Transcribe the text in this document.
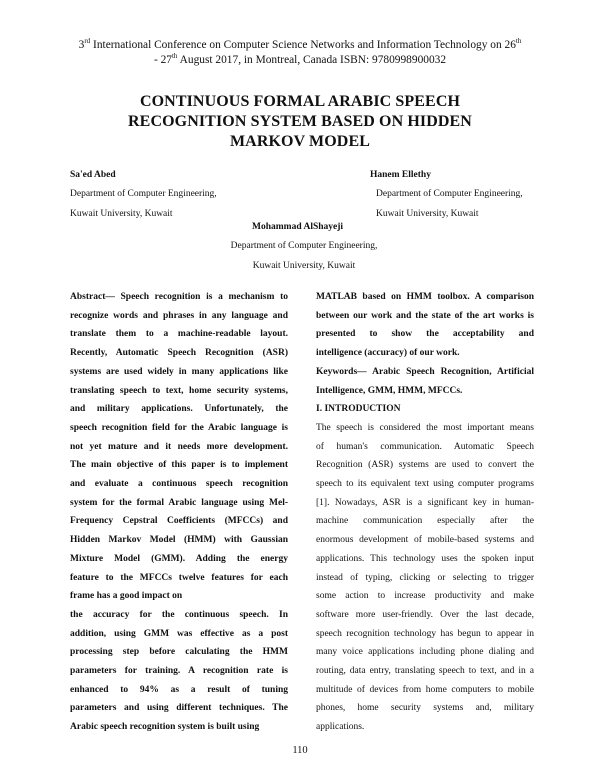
3rd International Conference on Computer Science Networks and Information Technology on 26th
- 27th August 2017, in Montreal, Canada ISBN: 9780998900032
CONTINUOUS FORMAL ARABIC SPEECH
RECOGNITION SYSTEM BASED ON HIDDEN
MARKOV MODEL
Sa'ed Abed
Department of Computer Engineering,
Kuwait University, Kuwait
Hanem Ellethy
Department of Computer Engineering,
Kuwait University, Kuwait
Mohammad AlShayeji
Department of Computer Engineering,
Kuwait University, Kuwait
Abstract— Speech recognition is a mechanism to
recognize words and phrases in any language and
translate them to a machine-readable layout.
Recently, Automatic Speech Recognition (ASR)
systems are used widely in many applications like
translating speech to text, home security systems,
and military applications. Unfortunately, the
speech recognition field for the Arabic language is
not yet mature and it needs more development.
The main objective of this paper is to implement
and evaluate a continuous speech recognition
system for the formal Arabic language using Mel-
Frequency Cepstral Coefficients (MFCCs) and
Hidden Markov Model (HMM) with Gaussian
Mixture Model (GMM). Adding the energy
feature to the MFCCs twelve features for each
frame has a good impact on
the accuracy for the continuous speech. In
addition, using GMM was effective as a post
processing step before calculating the HMM
parameters for training. A recognition rate is
enhanced to 94% as a result of tuning
parameters and using different techniques. The
Arabic speech recognition system is built using
MATLAB based on HMM toolbox. A comparison
between our work and the state of the art works is
presented to show the acceptability and
intelligence (accuracy) of our work.
Keywords— Arabic Speech Recognition, Artificial
Intelligence, GMM, HMM, MFCCs.
I. INTRODUCTION
The speech is considered the most important means
of human's communication. Automatic Speech
Recognition (ASR) systems are used to convert the
speech to its equivalent text using computer programs
[1]. Nowadays, ASR is a significant key in human-
machine communication especially after the
enormous development of mobile-based systems and
applications. This technology uses the spoken input
instead of typing, clicking or selecting to trigger
some action to increase productivity and make
software more user-friendly. Over the last decade,
speech recognition technology has begun to appear in
many voice applications including phone dialing and
routing, data entry, translating speech to text, and in a
multitude of devices from home computers to mobile
phones, home security systems and, military
applications.
110
